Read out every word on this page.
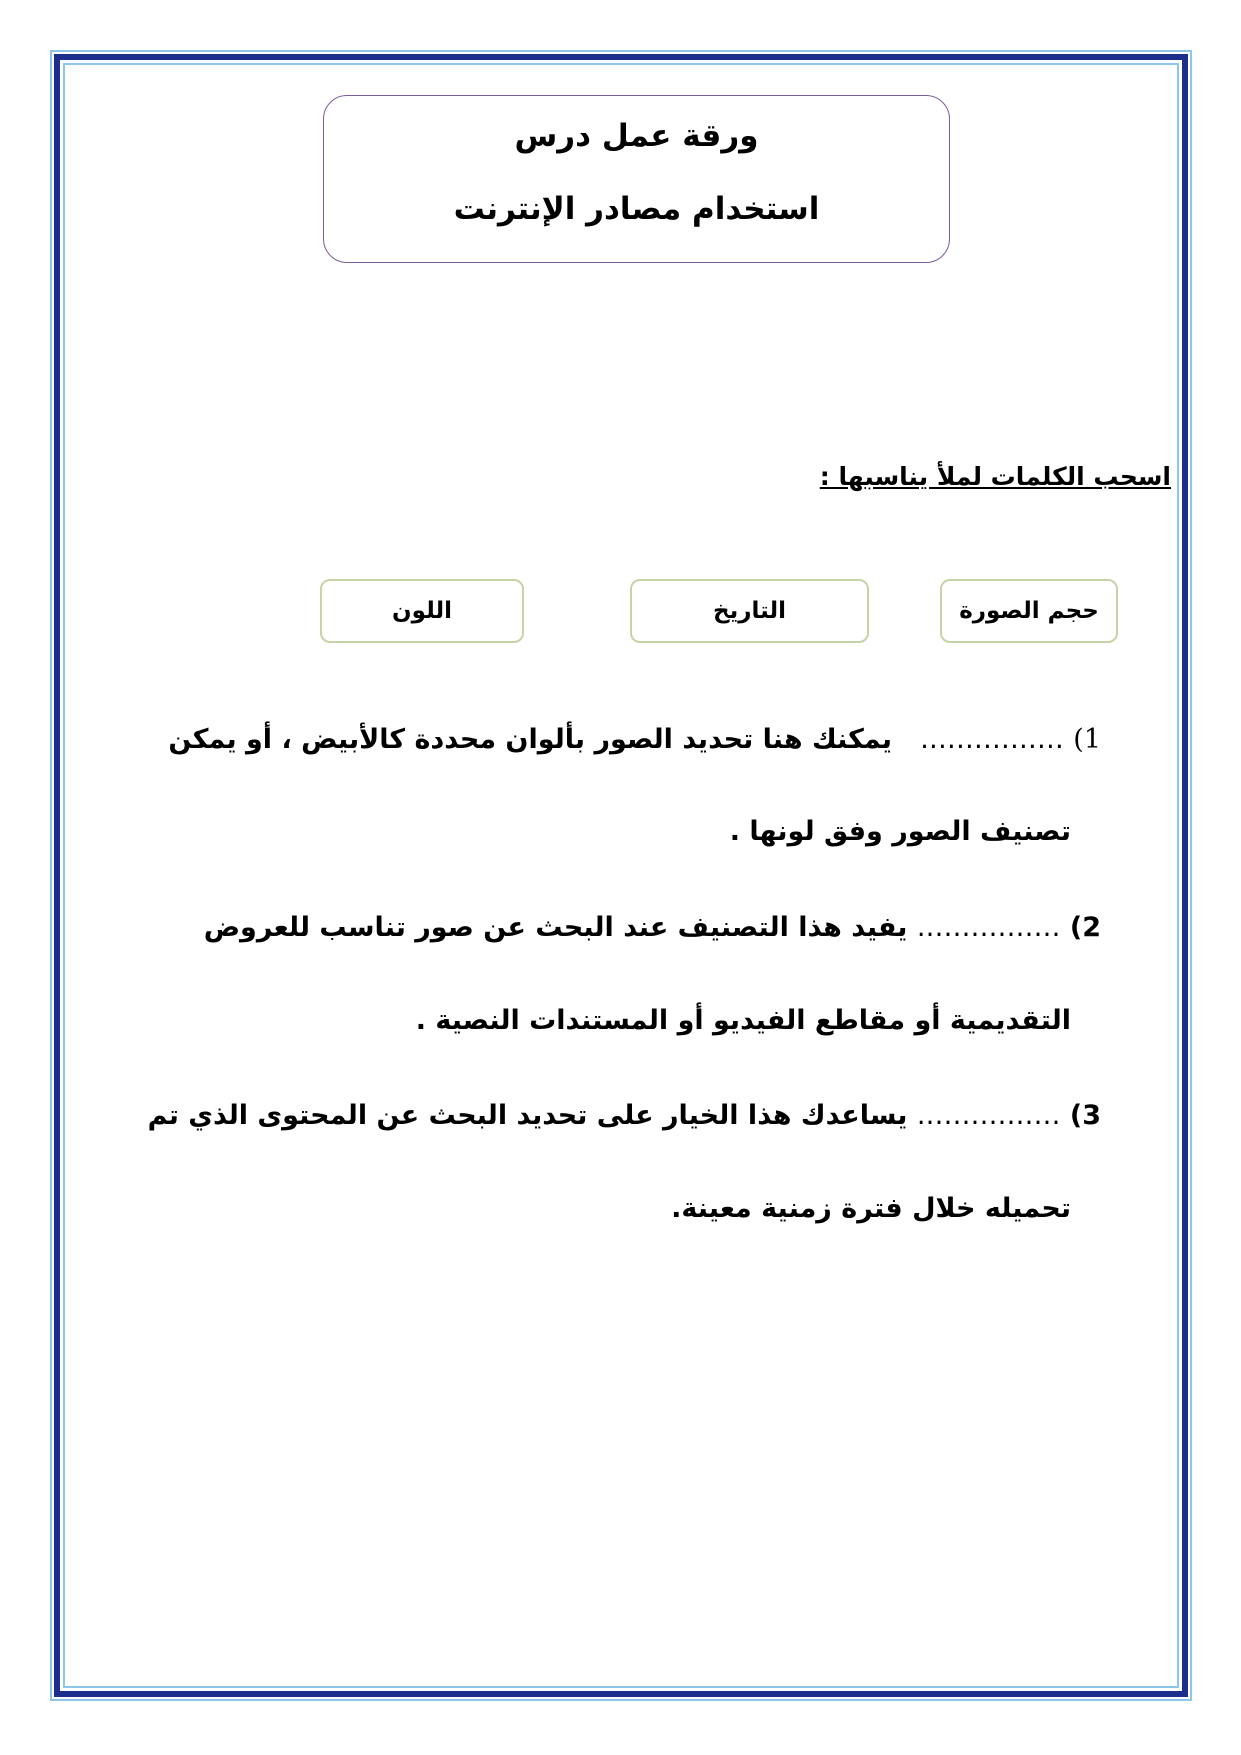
ورقة عمل درس
استخدام مصادر الإنترنت
اسحب الكلمات لملأ يناسبها :
حجم الصورة
التاريخ
اللون
1) …………….   يمكنك هنا تحديد الصور بألوان محددة كالأبيض ، أو يمكن
تصنيف الصور وفق لونها .
2) ……………. يفيد هذا التصنيف عند البحث عن صور تناسب للعروض
التقديمية أو مقاطع الفيديو أو المستندات النصية .
3) ……………. يساعدك هذا الخيار على تحديد البحث عن المحتوى الذي تم
تحميله خلال فترة زمنية معينة.
